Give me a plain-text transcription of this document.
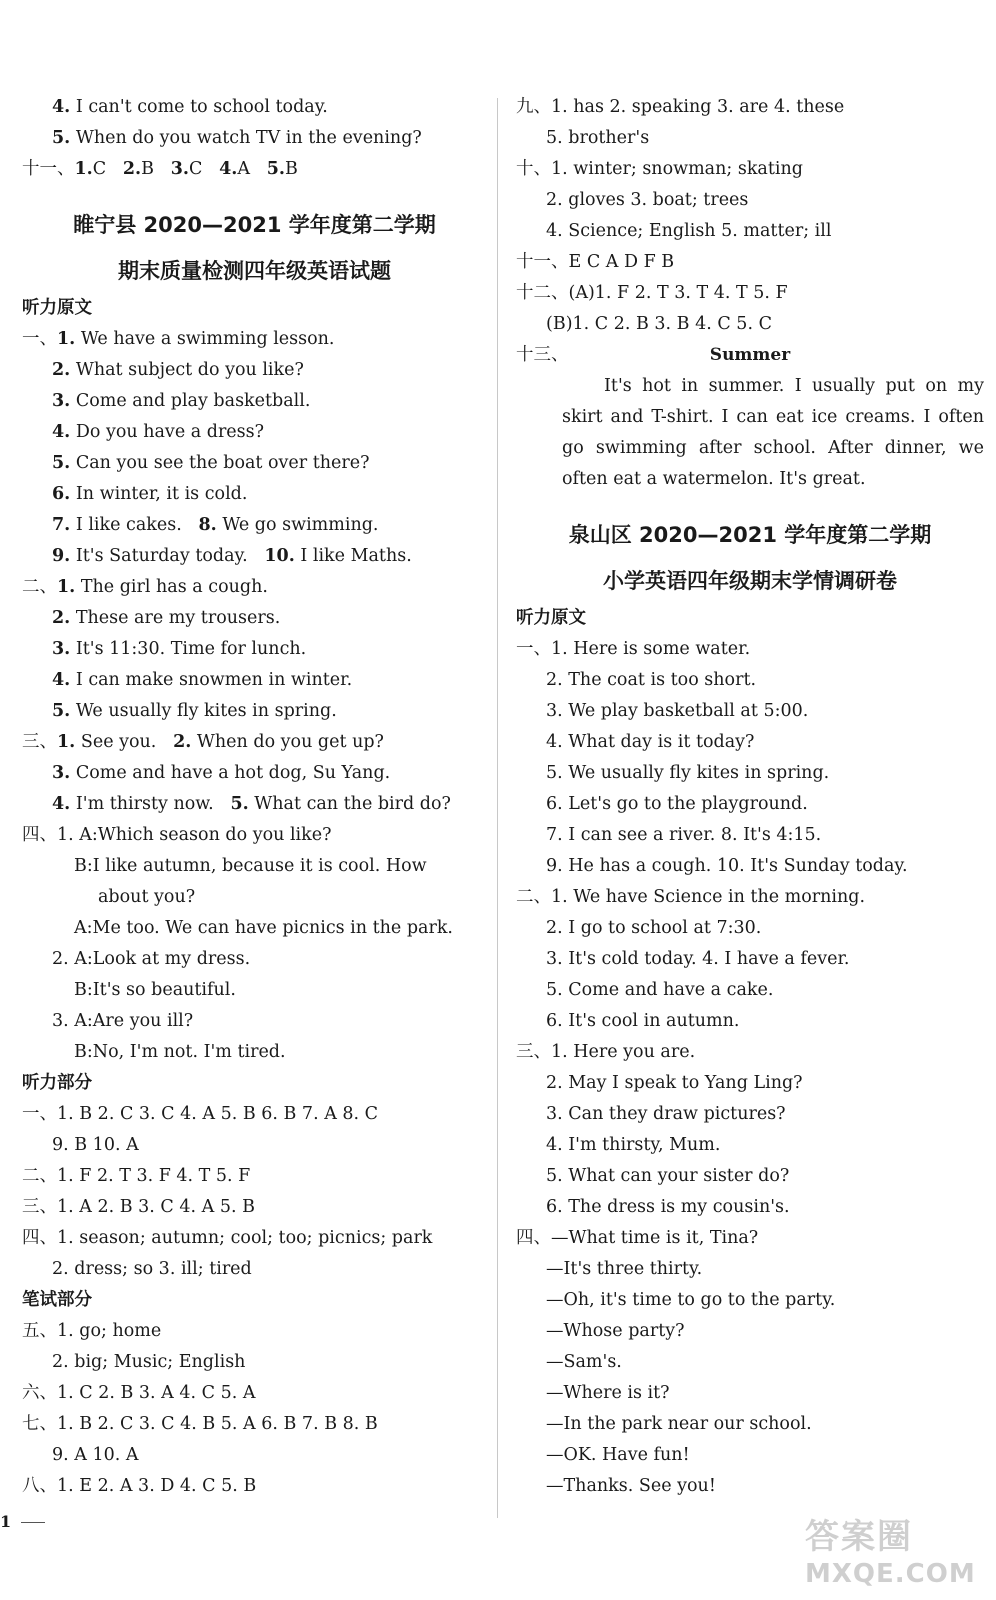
4. I can't come to school today.
5. When do you watch TV in the evening?
十一、1.C 2.B 3.C 4.A 5.B
睢宁县 2020—2021 学年度第二学期
期末质量检测四年级英语试题
听力原文
一、1. We have a swimming lesson.
2. What subject do you like?
3. Come and play basketball.
4. Do you have a dress?
5. Can you see the boat over there?
6. In winter, it is cold.
7. I like cakes. 8. We go swimming.
9. It's Saturday today. 10. I like Maths.
二、1. The girl has a cough.
2. These are my trousers.
3. It's 11:30. Time for lunch.
4. I can make snowmen in winter.
5. We usually fly kites in spring.
三、1. See you. 2. When do you get up?
3. Come and have a hot dog, Su Yang.
4. I'm thirsty now. 5. What can the bird do?
四、1. A:Which season do you like?
B:I like autumn, because it is cool. How
about you?
A:Me too. We can have picnics in the park.
2. A:Look at my dress.
B:It's so beautiful.
3. A:Are you ill?
B:No, I'm not. I'm tired.
听力部分
一、1. B 2. C 3. C 4. A 5. B 6. B 7. A 8. C
9. B 10. A
二、1. F 2. T 3. F 4. T 5. F
三、1. A 2. B 3. C 4. A 5. B
四、1. season; autumn; cool; too; picnics; park
2. dress; so 3. ill; tired
笔试部分
五、1. go; home
2. big; Music; English
六、1. C 2. B 3. A 4. C 5. A
七、1. B 2. C 3. C 4. B 5. A 6. B 7. B 8. B
9. A 10. A
八、1. E 2. A 3. D 4. C 5. B
1
九、1. has 2. speaking 3. are 4. these
5. brother's
十、1. winter; snowman; skating
2. gloves 3. boat; trees
4. Science; English 5. matter; ill
十一、E C A D F B
十二、(A)1. F 2. T 3. T 4. T 5. F
(B)1. C 2. B 3. B 4. C 5. C
十三、	Summer
It's hot in summer. I usually put on my skirt and T-shirt. I can eat ice creams. I often go swimming after school. After dinner, we often eat a watermelon. It's great.
泉山区 2020—2021 学年度第二学期
小学英语四年级期末学情调研卷
听力原文
一、1. Here is some water.
2. The coat is too short.
3. We play basketball at 5:00.
4. What day is it today?
5. We usually fly kites in spring.
6. Let's go to the playground.
7. I can see a river. 8. It's 4:15.
9. He has a cough. 10. It's Sunday today.
二、1. We have Science in the morning.
2. I go to school at 7:30.
3. It's cold today. 4. I have a fever.
5. Come and have a cake.
6. It's cool in autumn.
三、1. Here you are.
2. May I speak to Yang Ling?
3. Can they draw pictures?
4. I'm thirsty, Mum.
5. What can your sister do?
6. The dress is my cousin's.
四、—What time is it, Tina?
—It's three thirty.
—Oh, it's time to go to the party.
—Whose party?
—Sam's.
—Where is it?
—In the park near our school.
—OK. Have fun!
—Thanks. See you!
答案圈
MXQE.COM
